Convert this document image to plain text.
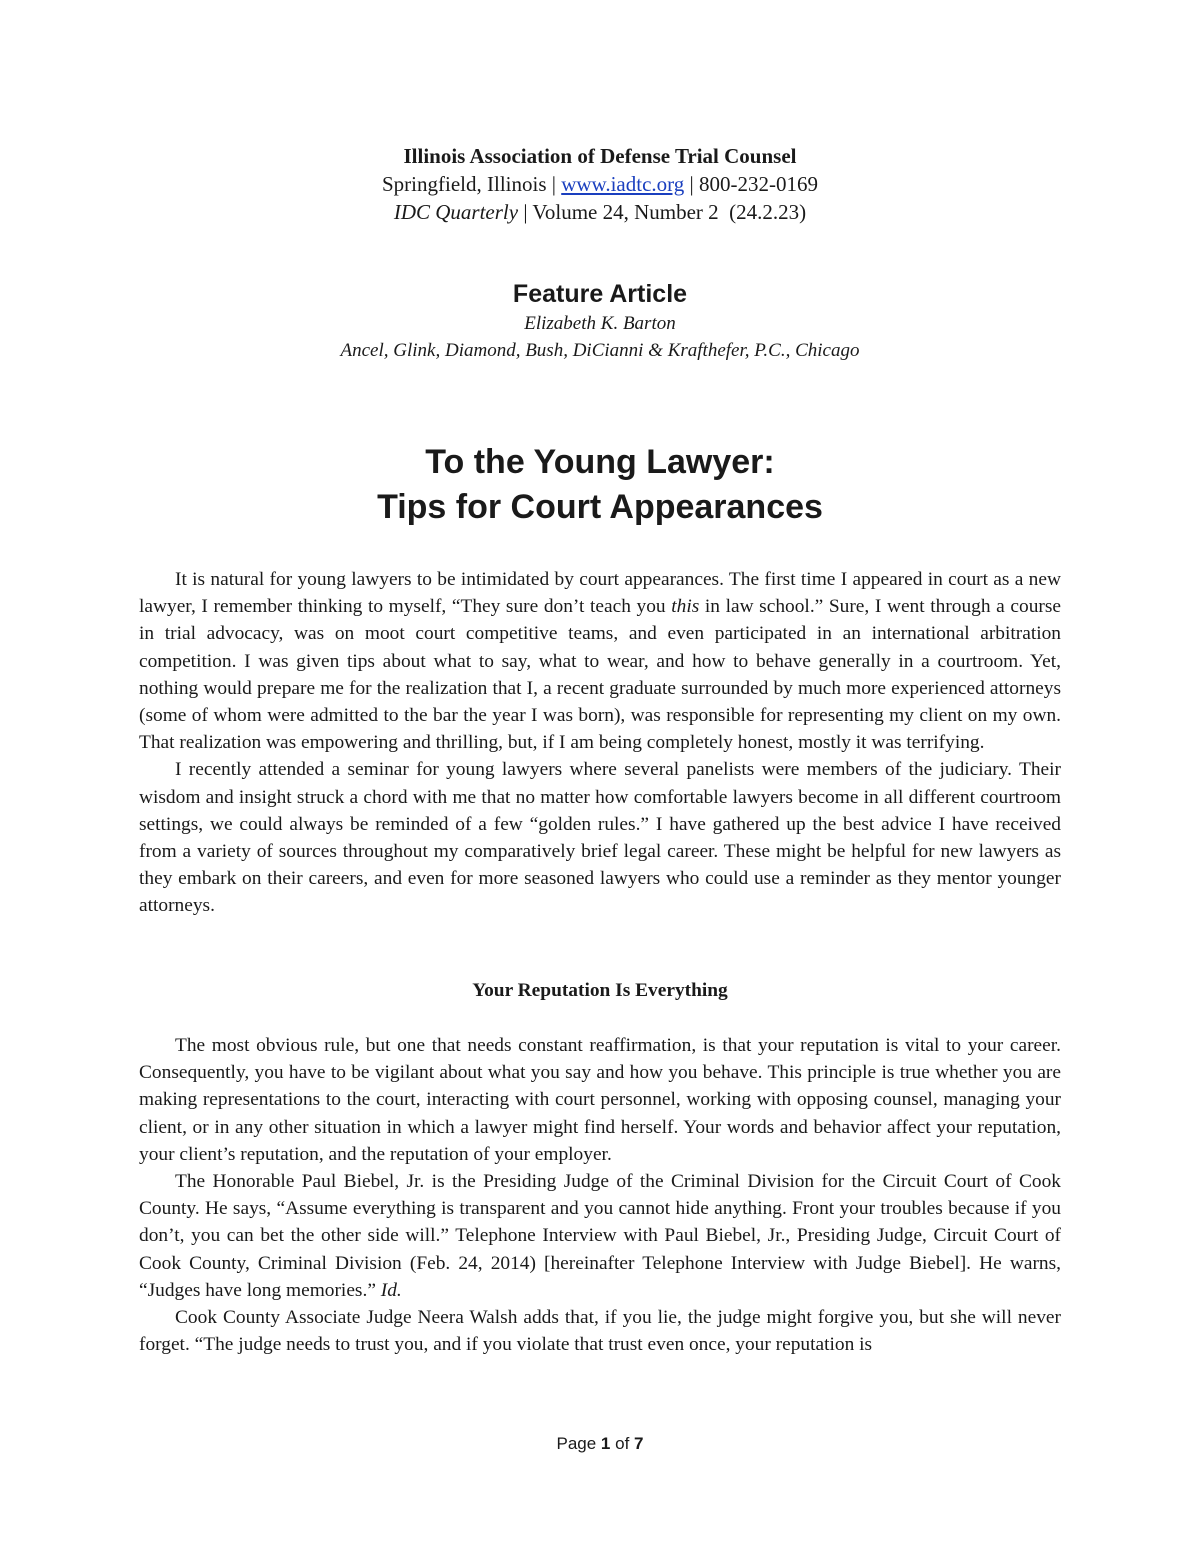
Illinois Association of Defense Trial Counsel
Springfield, Illinois | www.iadtc.org | 800-232-0169
IDC Quarterly | Volume 24, Number 2 (24.2.23)
Feature Article
Elizabeth K. Barton
Ancel, Glink, Diamond, Bush, DiCianni & Krafthefer, P.C., Chicago
To the Young Lawyer:
Tips for Court Appearances

It is natural for young lawyers to be intimidated by court appearances. The first time I appeared in court as a new lawyer, I remember thinking to myself, “They sure don’t teach you this in law school.” Sure, I went through a course in trial advocacy, was on moot court competitive teams, and even participated in an international arbitration competition. I was given tips about what to say, what to wear, and how to behave generally in a courtroom. Yet, nothing would prepare me for the realization that I, a recent graduate surrounded by much more experienced attorneys (some of whom were admitted to the bar the year I was born), was responsible for representing my client on my own. That realization was empowering and thrilling, but, if I am being completely honest, mostly it was terrifying.

I recently attended a seminar for young lawyers where several panelists were members of the judiciary. Their wisdom and insight struck a chord with me that no matter how comfortable lawyers become in all different courtroom settings, we could always be reminded of a few “golden rules.” I have gathered up the best advice I have received from a variety of sources throughout my comparatively brief legal career. These might be helpful for new lawyers as they embark on their careers, and even for more seasoned lawyers who could use a reminder as they mentor younger attorneys.

Your Reputation Is Everything

The most obvious rule, but one that needs constant reaffirmation, is that your reputation is vital to your career. Consequently, you have to be vigilant about what you say and how you behave. This principle is true whether you are making representations to the court, interacting with court personnel, working with opposing counsel, managing your client, or in any other situation in which a lawyer might find herself. Your words and behavior affect your reputation, your client’s reputation, and the reputation of your employer.

The Honorable Paul Biebel, Jr. is the Presiding Judge of the Criminal Division for the Circuit Court of Cook County. He says, “Assume everything is transparent and you cannot hide anything. Front your troubles because if you don’t, you can bet the other side will.” Telephone Interview with Paul Biebel, Jr., Presiding Judge, Circuit Court of Cook County, Criminal Division (Feb. 24, 2014) [hereinafter Telephone Interview with Judge Biebel]. He warns, “Judges have long memories.” Id.

Cook County Associate Judge Neera Walsh adds that, if you lie, the judge might forgive you, but she will never forget. “The judge needs to trust you, and if you violate that trust even once, your reputation is

Page 1 of 7
